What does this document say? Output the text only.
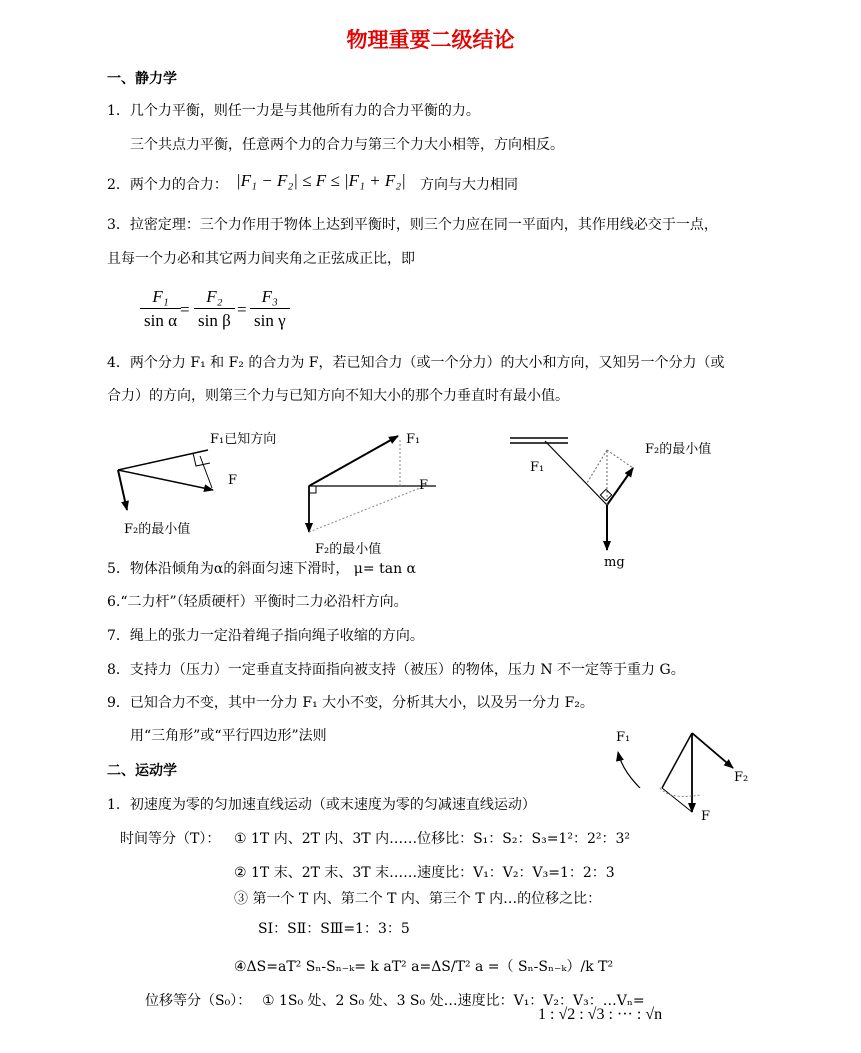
物理重要二级结论
一、静力学
1．几个力平衡，则任一力是与其他所有力的合力平衡的力。
三个共点力平衡，任意两个力的合力与第三个力大小相等，方向相反。
2．两个力的合力： |F₁ − F₂| ≤ F ≤ |F₁ + F₂| 方向与大力相同
3．拉密定理：三个力作用于物体上达到平衡时，则三个力应在同一平面内，其作用线必交于一点，
且每一个力必和其它两力间夹角之正弦成正比，即
$\frac{\text{F₁}}{\text{sin α}} = \frac{\text{F₂}}{\text{sin β}} = \frac{\text{F₃}}{\text{sin γ}}$
4．两个分力 F₁ 和 F₂ 的合力为 F，若已知合力（或一个分力）的大小和方向，又知另一个分力（或
合力）的方向，则第三个力与已知方向不知大小的那个力垂直时有最小值。
F₁已知方向
F
F₂的最小值
F₁
F
F₂的最小值
F₁
F₂的最小值
mg
5．物体沿倾角为α的斜面匀速下滑时， μ= tan α
6.“二力杆”（轻质硬杆）平衡时二力必沿杆方向。
7．绳上的张力一定沿着绳子指向绳子收缩的方向。
8．支持力（压力）一定垂直支持面指向被支持（被压）的物体，压力 N 不一定等于重力 G。
9．已知合力不变，其中一分力 F₁ 大小不变，分析其大小，以及另一分力 F₂。
用“三角形”或“平行四边形”法则	F₁
F₂
F
二、运动学
1．初速度为零的匀加速直线运动（或末速度为零的匀减速直线运动）
时间等分（T）： ① 1T 内、2T 内、3T 内……位移比：S₁：S₂：S₃=1²：2²：3²
② 1T 末、2T 末、3T 末……速度比：V₁：V₂：V₃=1：2：3
③ 第一个 T 内、第二个 T 内、第三个 T 内…的位移之比：
SⅠ：SⅡ：SⅢ=1：3：5
④ΔS=aT² Sₙ-Sₙ₋ₖ= k aT² a=ΔS/T² a =（ Sₙ-Sₙ₋ₖ）/k T²
位移等分（S₀）： ① 1S₀ 处、2 S₀ 处、3 S₀ 处…速度比：V₁：V₂：V₃：…Vₙ=
1 : √2 : √3 : ··· : √n
